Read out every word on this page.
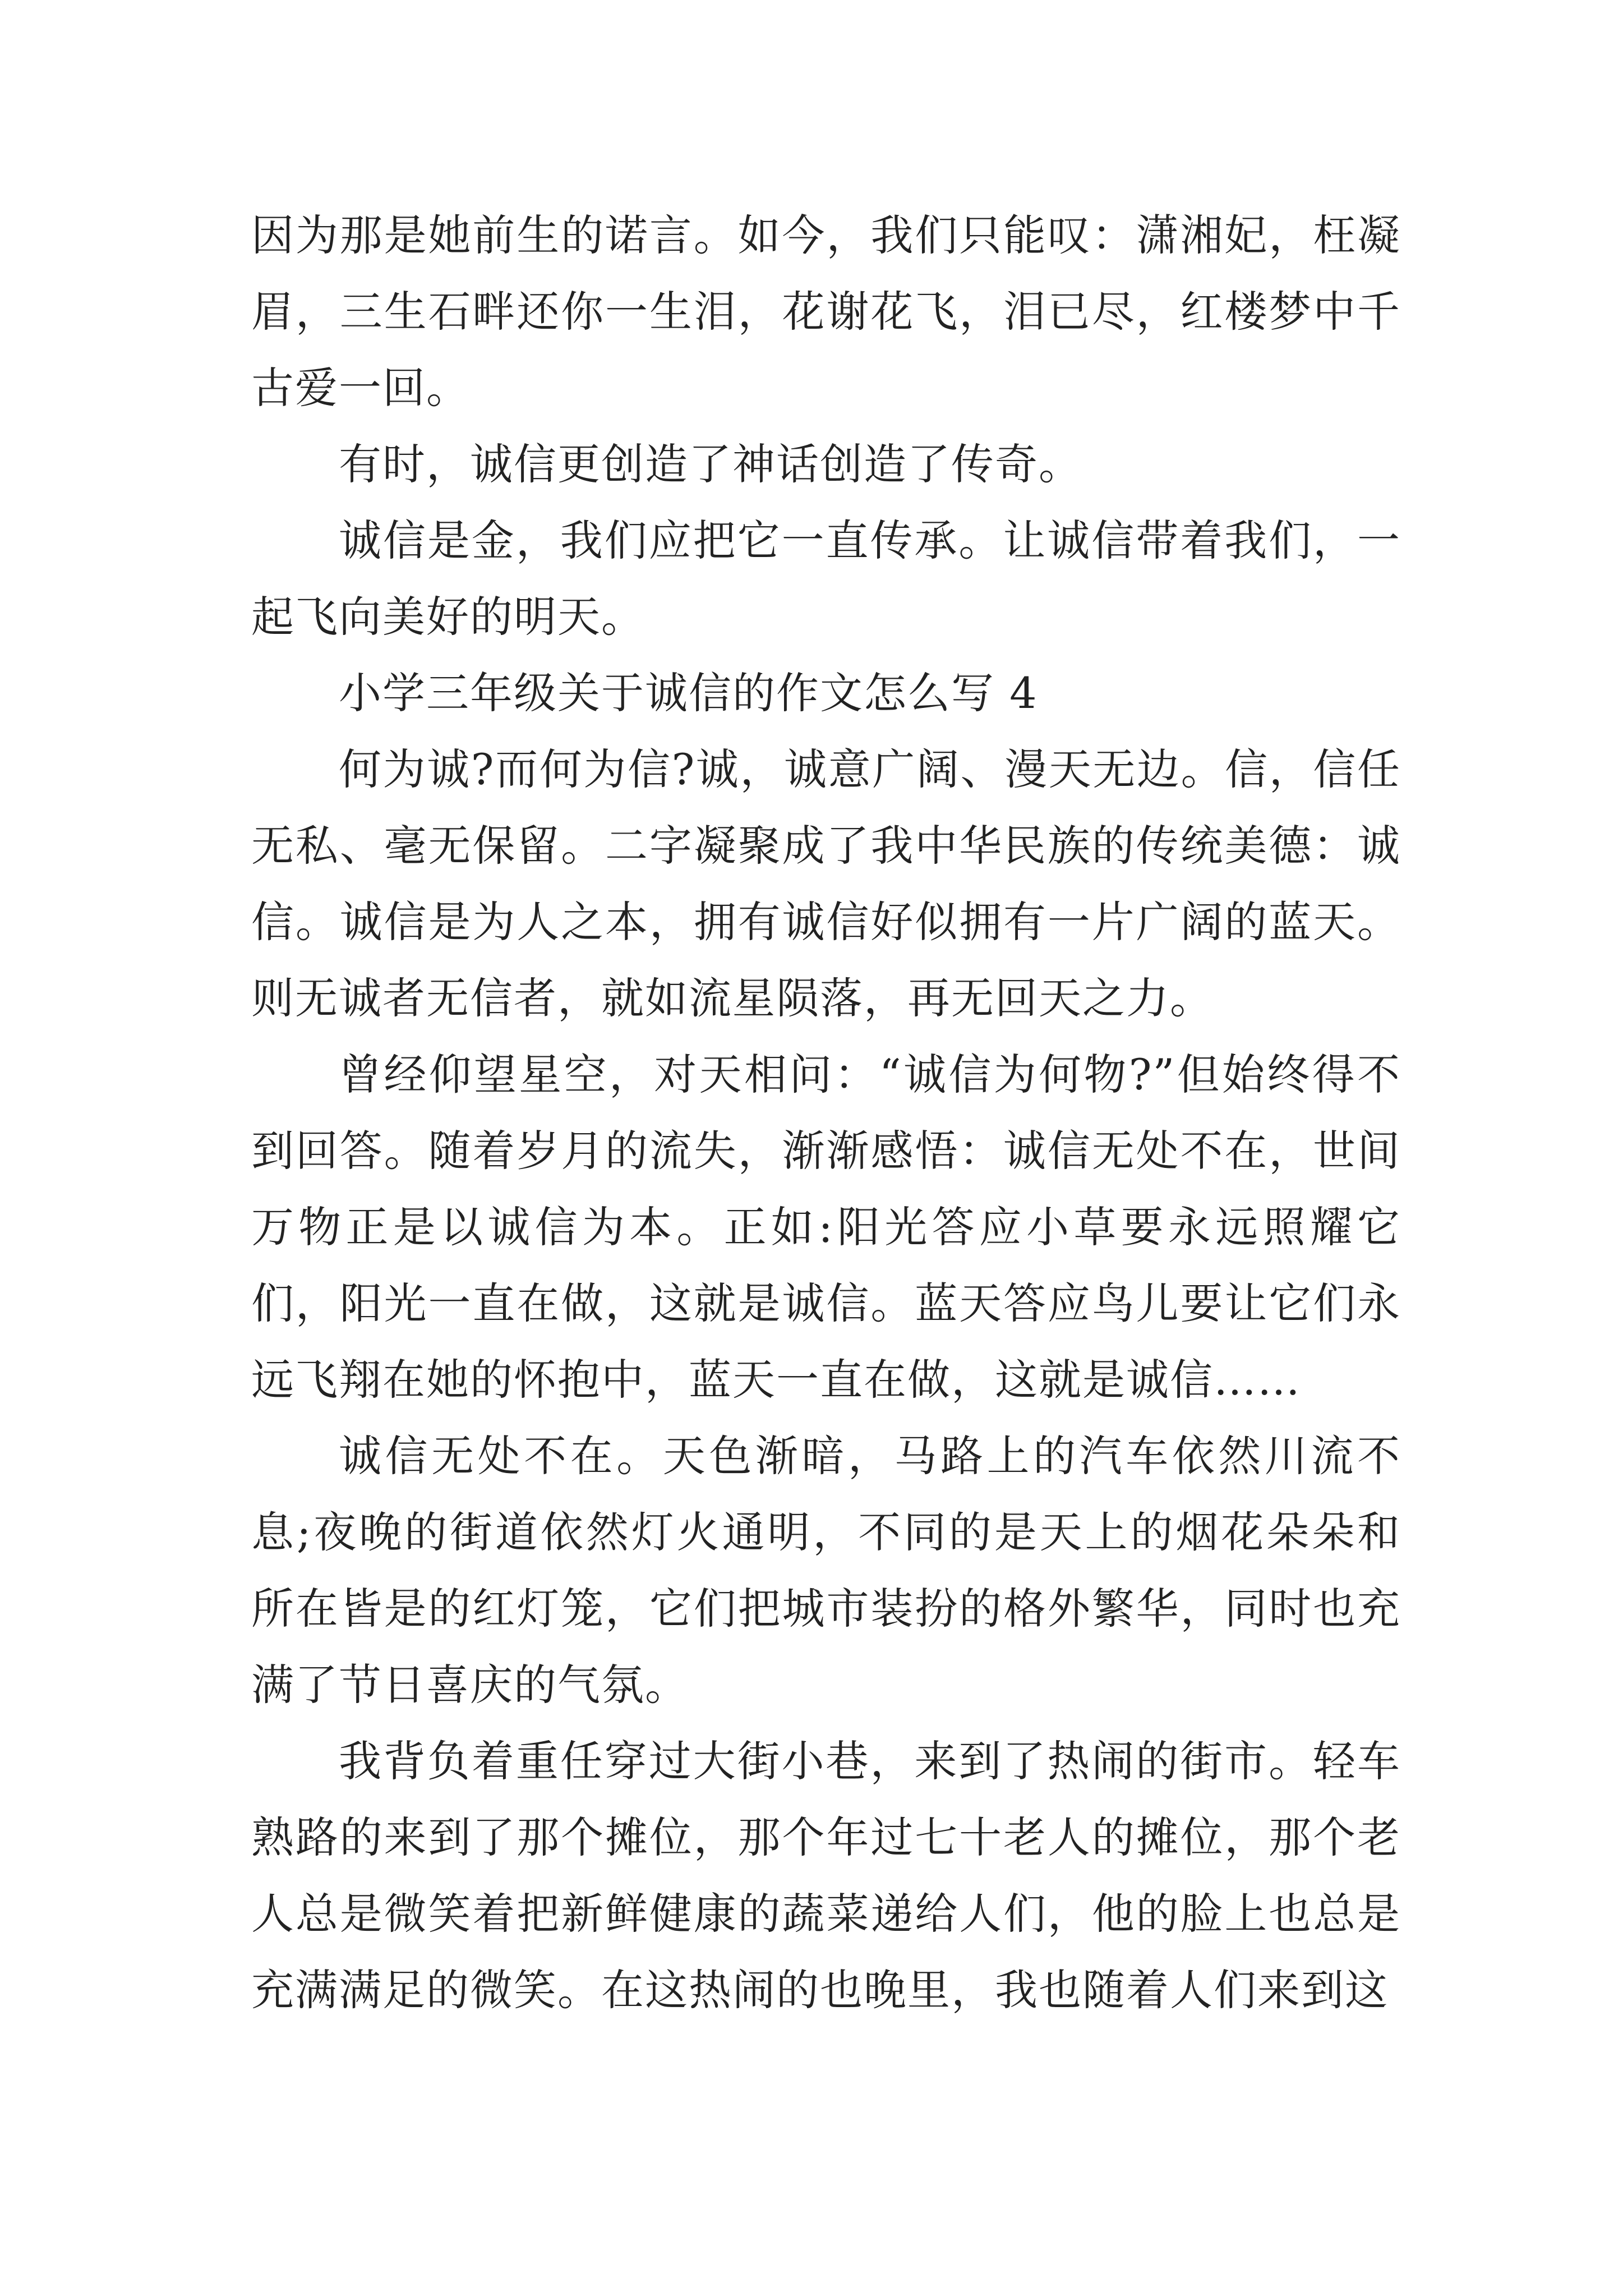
因为那是她前生的诺言。如今，我们只能叹：潇湘妃，枉凝眉，三生石畔还你一生泪，花谢花飞，泪已尽，红楼梦中千古爱一回。

有时，诚信更创造了神话创造了传奇。

诚信是金，我们应把它一直传承。让诚信带着我们，一起飞向美好的明天。

小学三年级关于诚信的作文怎么写 4

何为诚?而何为信?诚，诚意广阔、漫天无边。信，信任无私、毫无保留。二字凝聚成了我中华民族的传统美德：诚信。诚信是为人之本，拥有诚信好似拥有一片广阔的蓝天。则无诚者无信者，就如流星陨落，再无回天之力。

曾经仰望星空，对天相问：“诚信为何物?”但始终得不到回答。随着岁月的流失，渐渐感悟：诚信无处不在，世间万物正是以诚信为本。正如:阳光答应小草要永远照耀它们，阳光一直在做，这就是诚信。蓝天答应鸟儿要让它们永远飞翔在她的怀抱中，蓝天一直在做，这就是诚信……

诚信无处不在。天色渐暗，马路上的汽车依然川流不息;夜晚的街道依然灯火通明，不同的是天上的烟花朵朵和所在皆是的红灯笼，它们把城市装扮的格外繁华，同时也充满了节日喜庆的气氛。

我背负着重任穿过大街小巷，来到了热闹的街市。轻车熟路的来到了那个摊位，那个年过七十老人的摊位，那个老人总是微笑着把新鲜健康的蔬菜递给人们，他的脸上也总是充满满足的微笑。在这热闹的也晚里，我也随着人们来到这
